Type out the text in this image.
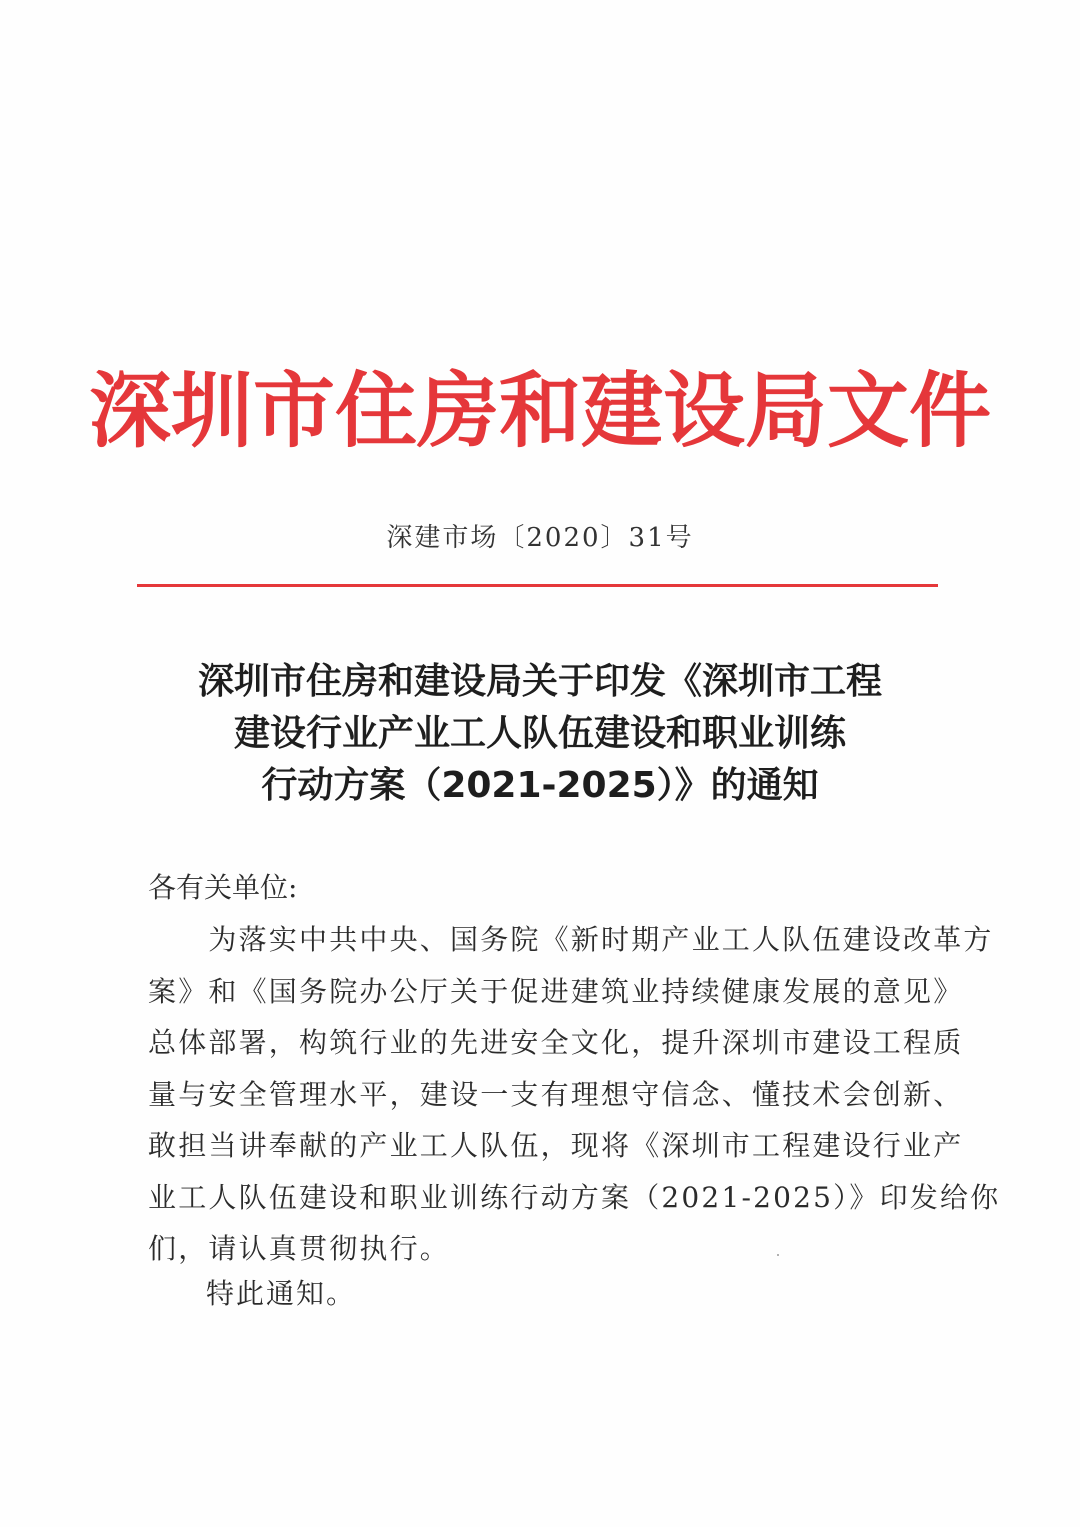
深圳市住房和建设局文件
深建市场〔2020〕31号
深圳市住房和建设局关于印发《深圳市工程
建设行业产业工人队伍建设和职业训练
行动方案（2021-2025）》的通知
各有关单位:
　　为落实中共中央、国务院《新时期产业工人队伍建设改革方
案》和《国务院办公厅关于促进建筑业持续健康发展的意见》
总体部署，构筑行业的先进安全文化，提升深圳市建设工程质
量与安全管理水平，建设一支有理想守信念、懂技术会创新、
敢担当讲奉献的产业工人队伍，现将《深圳市工程建设行业产
业工人队伍建设和职业训练行动方案（2021-2025）》印发给你
们，请认真贯彻执行。
特此通知。
